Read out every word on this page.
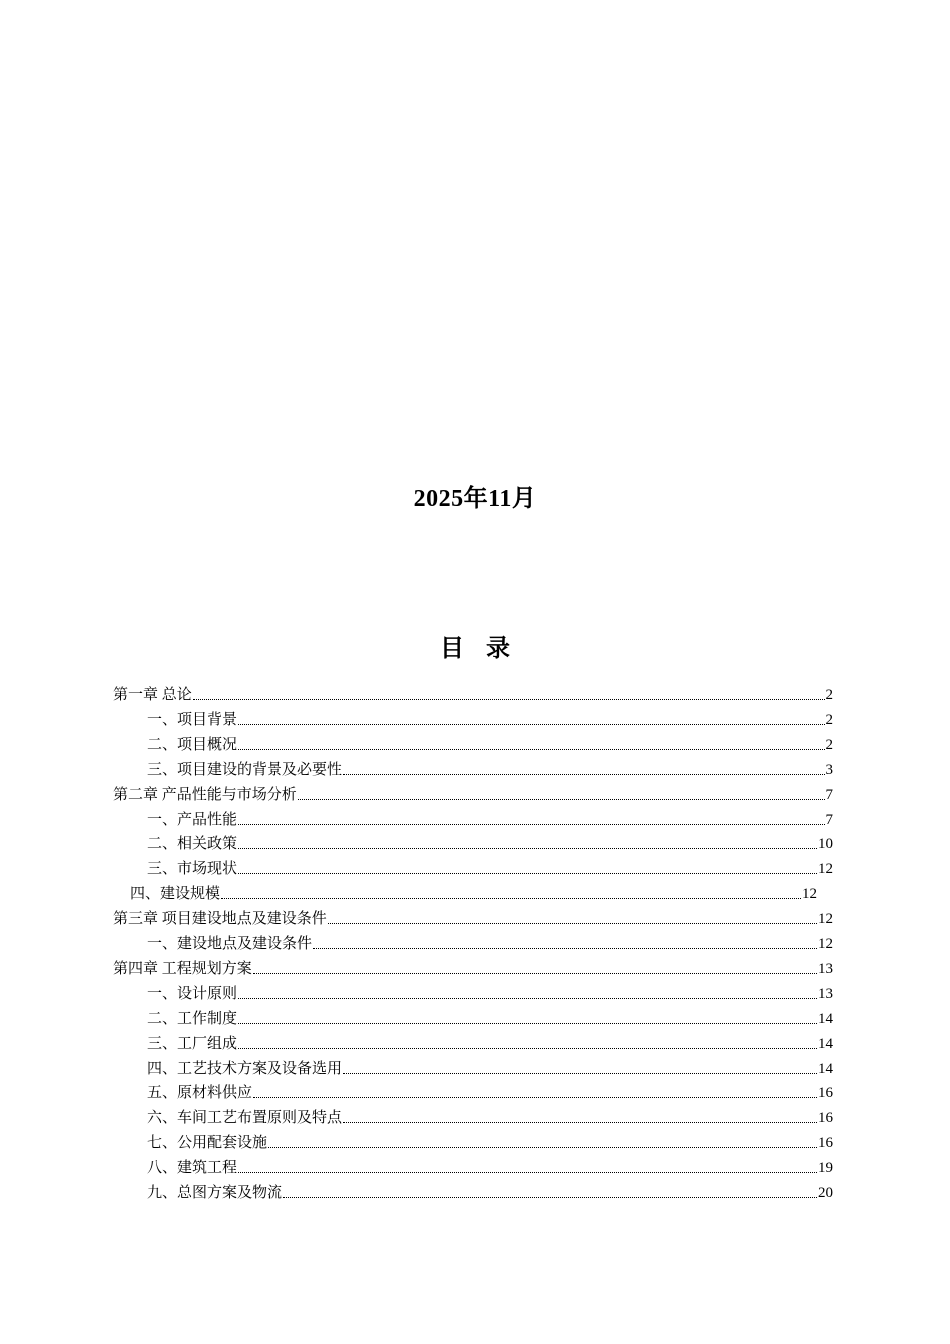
2025年11月
目录
第一章 总论	2
一、项目背景	2
二、项目概况	2
三、项目建设的背景及必要性	3
第二章 产品性能与市场分析	7
一、产品性能	7
二、相关政策	10
三、市场现状	12
四、建设规模	12
第三章 项目建设地点及建设条件	12
一、建设地点及建设条件	12
第四章 工程规划方案	13
一、设计原则	13
二、工作制度	14
三、工厂组成	14
四、工艺技术方案及设备选用	14
五、原材料供应	16
六、车间工艺布置原则及特点	16
七、公用配套设施	16
八、建筑工程	19
九、总图方案及物流	20
